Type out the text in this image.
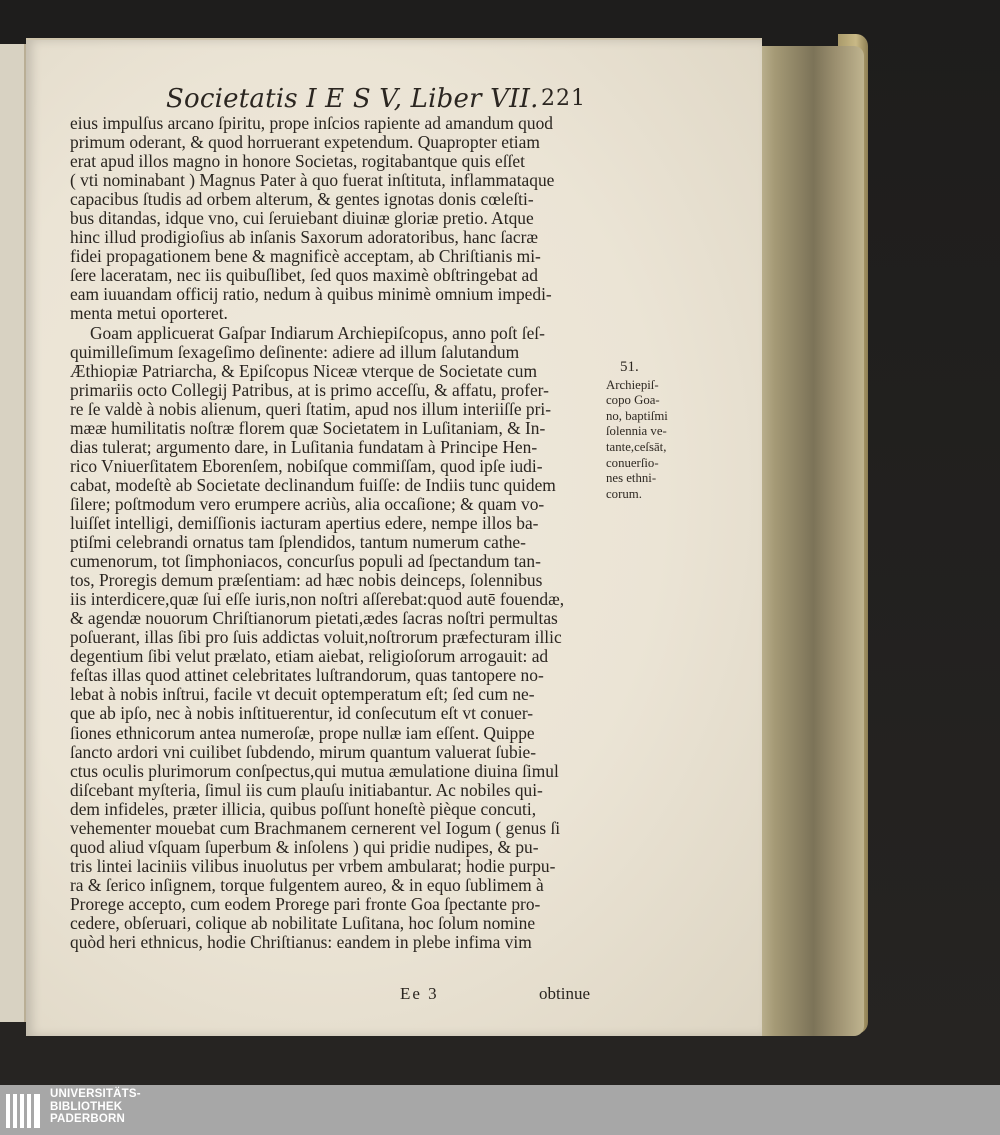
Societatis I E S V, Liber VII. 221
eius impulſus arcano ſpiritu, prope inſcios rapiente ad amandum quod
primum oderant, & quod horruerant expetendum. Quapropter etiam
erat apud illos magno in honore Societas, rogitabantque quis eſſet
( vti nominabant ) Magnus Pater à quo fuerat inſtituta, inflammataque
capacibus ſtudis ad orbem alterum, & gentes ignotas donis cœleſti-
bus ditandas, idque vno, cui ſeruiebant diuinæ gloriæ pretio. Atque
hinc illud prodigioſius ab inſanis Saxorum adoratoribus, hanc ſacræ
fidei propagationem bene & magnificè acceptam, ab Chriſtianis mi-
ſere laceratam, nec iis quibuſlibet, ſed quos maximè obſtringebat ad
eam iuuandam officij ratio, nedum à quibus minimè omnium impedi-
menta metui oporteret.
Goam applicuerat Gaſpar Indiarum Archiepiſcopus, anno poſt ſeſ-
quimilleſimum ſexageſimo deſinente: adiere ad illum ſalutandum
Æthiopiæ Patriarcha, & Epiſcopus Niceæ vterque de Societate cum
primariis octo Collegij Patribus, at is primo acceſſu, & affatu, profer-
re ſe valdè à nobis alienum, queri ſtatim, apud nos illum interiiſſe pri-
mææ humilitatis noſtræ florem quæ Societatem in Luſitaniam, & In-
dias tulerat; argumento dare, in Luſitania fundatam à Principe Hen-
rico Vniuerſitatem Eborenſem, nobiſque commiſſam, quod ipſe iudi-
cabat, modeſtè ab Societate declinandum fuiſſe: de Indiis tunc quidem
ſilere; poſtmodum vero erumpere acriùs, alia occaſione; & quam vo-
luiſſet intelligi, demiſſionis iacturam apertius edere, nempe illos ba-
ptiſmi celebrandi ornatus tam ſplendidos, tantum numerum cathe-
cumenorum, tot ſimphoniacos, concurſus populi ad ſpectandum tan-
tos, Proregis demum præſentiam: ad hæc nobis deinceps, ſolennibus
iis interdicere,quæ ſui eſſe iuris,non noſtri aſſerebat:quod autē fouendæ,
& agendæ nouorum Chriſtianorum pietati,ædes ſacras noſtri permultas
poſuerant, illas ſibi pro ſuis addictas voluit,noſtrorum præfecturam illic
degentium ſibi velut prælato, etiam aiebat, religioſorum arrogauit: ad
feſtas illas quod attinet celebritates luſtrandorum, quas tantopere no-
lebat à nobis inſtrui, facile vt decuit optemperatum eſt; ſed cum ne-
que ab ipſo, nec à nobis inſtituerentur, id conſecutum eſt vt conuer-
ſiones ethnicorum antea numeroſæ, prope nullæ iam eſſent. Quippe
ſancto ardori vni cuilibet ſubdendo, mirum quantum valuerat ſubie-
ctus oculis plurimorum conſpectus,qui mutua æmulatione diuina ſimul
diſcebant myſteria, ſimul iis cum plauſu initiabantur. Ac nobiles qui-
dem infideles, præter illicia, quibus poſſunt honeſtè pièque concuti,
vehementer mouebat cum Brachmanem cernerent vel Iogum ( genus ſi
quod aliud vſquam ſuperbum & inſolens ) qui pridie nudipes, & pu-
tris lintei laciniis vilibus inuolutus per vrbem ambularat; hodie purpu-
ra & ſerico inſignem, torque fulgentem aureo, & in equo ſublimem à
Prorege accepto, cum eodem Prorege pari fronte Goa ſpectante pro-
cedere, obſeruari, colique ab nobilitate Luſitana, hoc ſolum nomine
quòd heri ethnicus, hodie Chriſtianus: eandem in plebe infima vim
51.
Archiepiſ-
copo Goa-
no, baptiſmi
ſolennia ve-
tante,ceſsāt,
conuerſio-
nes ethni-
corum.
Ee 3	obtinue
UNIVERSITÄTS-
BIBLIOTHEK
PADERBORN
